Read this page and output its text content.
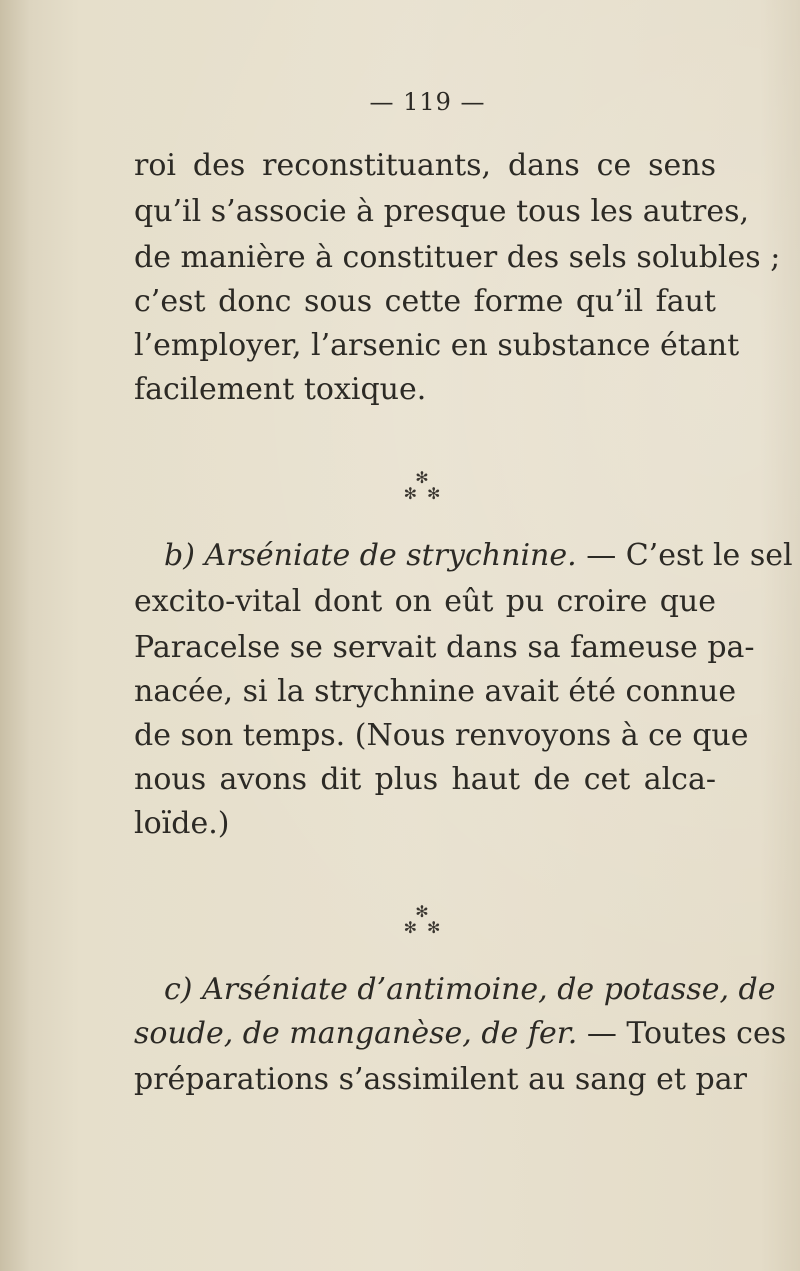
— 119 —
roi des reconstituants, dans ce sens
qu’il s’associe à presque tous les autres,
de manière à constituer des sels solubles ;
c’est donc sous cette forme qu’il faut
l’employer, l’arsenic en substance étant
facilement toxique.
✻
✻✻
b) Arséniate de strychnine. — C’est le sel
excito-vital dont on eût pu croire que
Paracelse se servait dans sa fameuse pa-
nacée, si la strychnine avait été connue
de son temps. (Nous renvoyons à ce que
nous avons dit plus haut de cet alca-
loïde.)
✻
✻✻
c) Arséniate d’antimoine, de potasse, de
soude, de manganèse, de fer. — Toutes ces
préparations s’assimilent au sang et par
